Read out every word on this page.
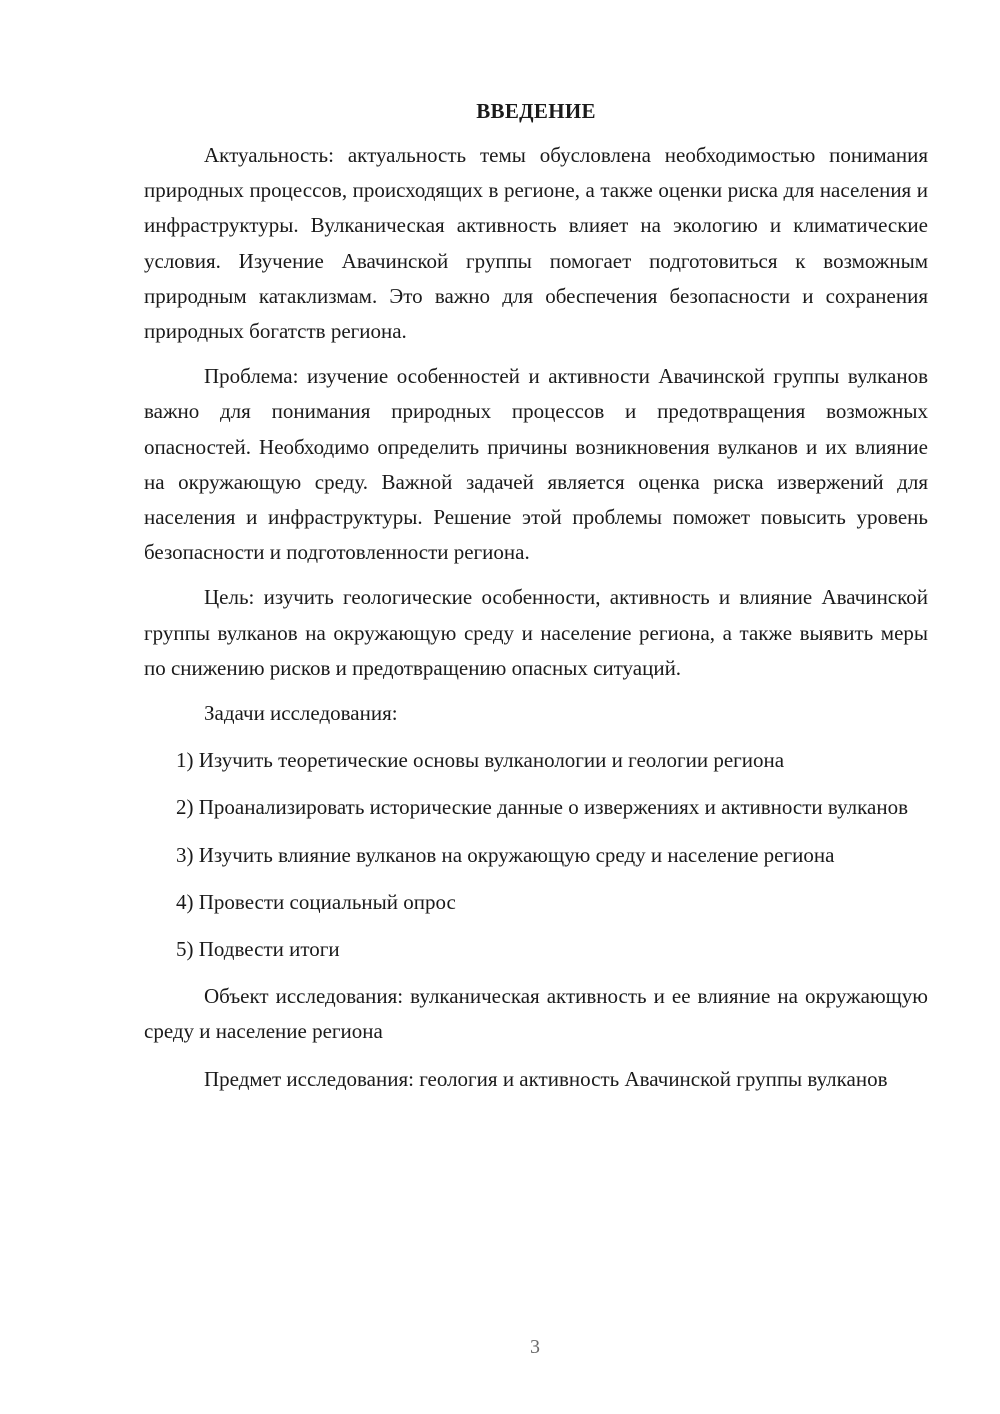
ВВЕДЕНИЕ

Актуальность: актуальность темы обусловлена необходимостью понимания природных процессов, происходящих в регионе, а также оценки риска для населения и инфраструктуры. Вулканическая активность влияет на экологию и климатические условия. Изучение Авачинской группы помогает подготовиться к возможным природным катаклизмам. Это важно для обеспечения безопасности и сохранения природных богатств региона.

Проблема: изучение особенностей и активности Авачинской группы вулканов важно для понимания природных процессов и предотвращения возможных опасностей. Необходимо определить причины возникновения вулканов и их влияние на окружающую среду. Важной задачей является оценка риска извержений для населения и инфраструктуры. Решение этой проблемы поможет повысить уровень безопасности и подготовленности региона.

Цель: изучить геологические особенности, активность и влияние Авачинской группы вулканов на окружающую среду и население региона, а также выявить меры по снижению рисков и предотвращению опасных ситуаций.

Задачи исследования:

1) Изучить теоретические основы вулканологии и геологии региона

2) Проанализировать исторические данные о извержениях и активности вулканов

3) Изучить влияние вулканов на окружающую среду и население региона

4) Провести социальный опрос

5) Подвести итоги

Объект исследования: вулканическая активность и ее влияние на окружающую среду и население региона

Предмет исследования: геология и активность Авачинской группы вулканов

3
